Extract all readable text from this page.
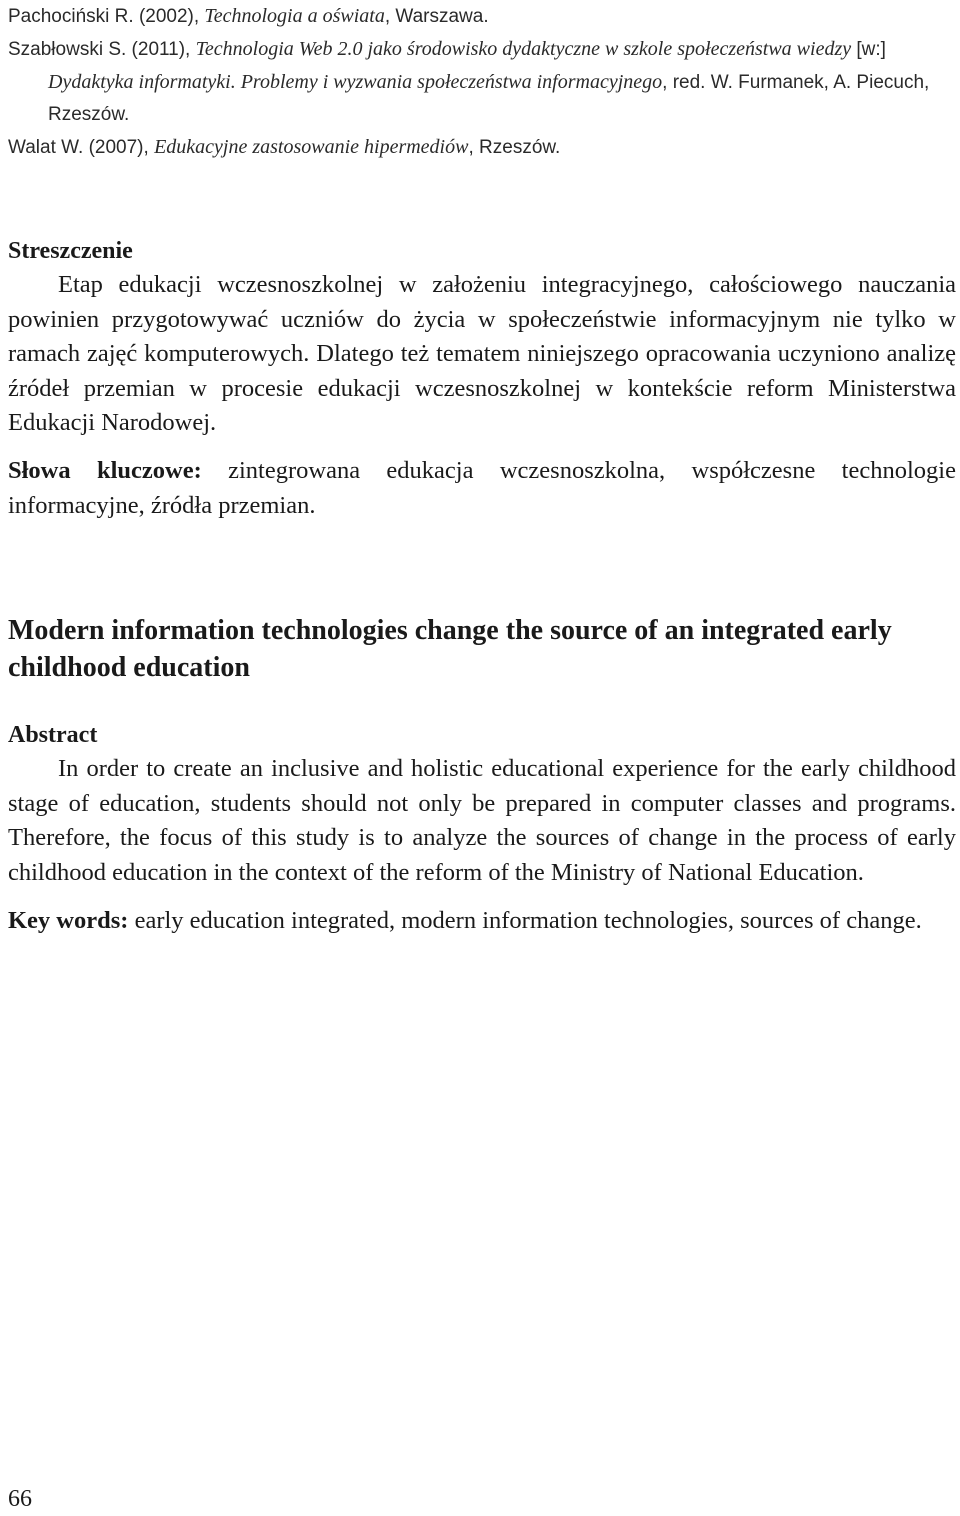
Pachociński R. (2002), Technologia a oświata, Warszawa.
Szabłowski S. (2011), Technologia Web 2.0 jako środowisko dydaktyczne w szkole społeczeństwa wiedzy [w:] Dydaktyka informatyki. Problemy i wyzwania społeczeństwa informacyjnego, red. W. Furmanek, A. Piecuch, Rzeszów.
Walat W. (2007), Edukacyjne zastosowanie hipermediów, Rzeszów.
Streszczenie
Etap edukacji wczesnoszkolnej w założeniu integracyjnego, całościowego nauczania powinien przygotowywać uczniów do życia w społeczeństwie informacyjnym nie tylko w ramach zajęć komputerowych. Dlatego też tematem niniejszego opracowania uczyniono analizę źródeł przemian w procesie edukacji wczesnoszkolnej w kontekście reform Ministerstwa Edukacji Narodowej.
Słowa kluczowe: zintegrowana edukacja wczesnoszkolna, współczesne technologie informacyjne, źródła przemian.
Modern information technologies change the source of an integrated early childhood education
Abstract
In order to create an inclusive and holistic educational experience for the early childhood stage of education, students should not only be prepared in computer classes and programs. Therefore, the focus of this study is to analyze the sources of change in the process of early childhood education in the context of the reform of the Ministry of National Education.
Key words: early education integrated, modern information technologies, sources of change.
66
